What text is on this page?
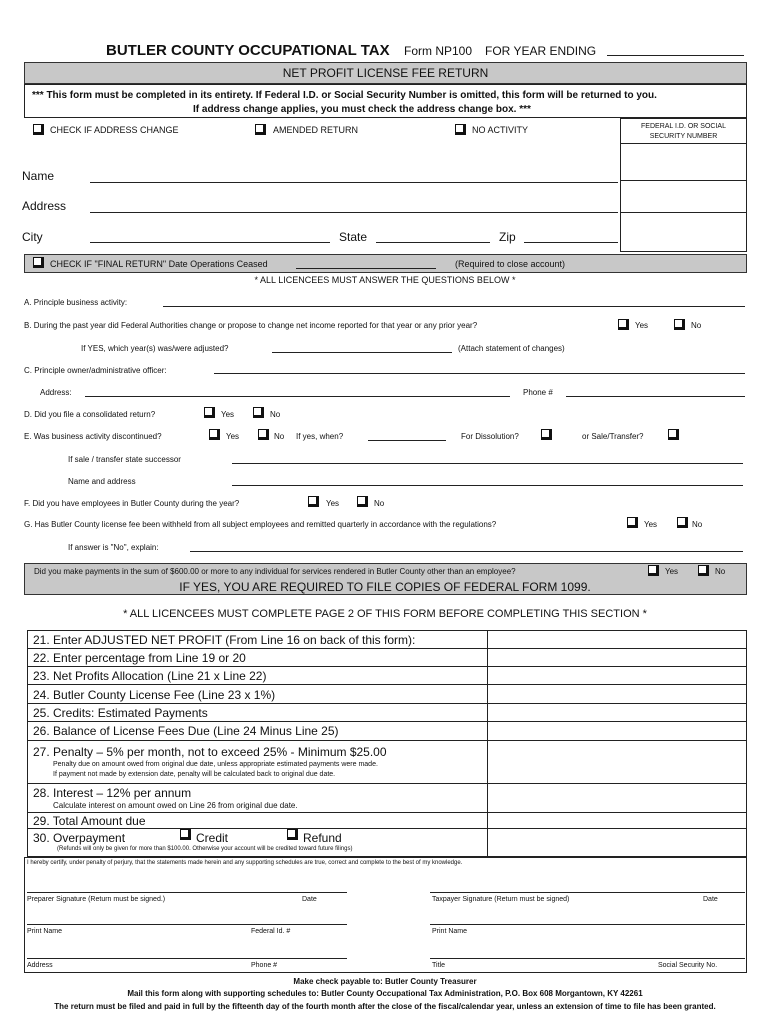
BUTLER COUNTY OCCUPATIONAL TAX Form NP100 FOR YEAR ENDING
NET PROFIT LICENSE FEE RETURN
*** This form must be completed in its entirety. If Federal I.D. or Social Security Number is omitted, this form will be returned to you.
If address change applies, you must check the address change box. ***
CHECK IF ADDRESS CHANGE	AMENDED RETURN	NO ACTIVITY	FEDERAL I.D. OR SOCIAL
SECURITY NUMBER
Name
Address
City	State	Zip
CHECK IF "FINAL RETURN" Date Operations Ceased	(Required to close account)
* ALL LICENCEES MUST ANSWER THE QUESTIONS BELOW *
A. Principle business activity:
B. During the past year did Federal Authorities change or propose to change net income reported for that year or any prior year?	Yes	No
If YES, which year(s) was/were adjusted?	(Attach statement of changes)
C. Principle owner/administrative officer:
Address:	Phone #
D. Did you file a consolidated return?	Yes	No
E. Was business activity discontinued?	Yes	No If yes, when?	For Dissolution?	or Sale/Transfer?
If sale / transfer state successor
Name and address
F. Did you have employees in Butler County during the year?	Yes	No
G. Has Butler County license fee been withheld from all subject employees and remitted quarterly in accordance with the regulations?	Yes	No
If answer is "No", explain:
Did you make payments in the sum of $600.00 or more to any individual for services rendered in Butler County other than an employee?	Yes	No
IF YES, YOU ARE REQUIRED TO FILE COPIES OF FEDERAL FORM 1099.
* ALL LICENCEES MUST COMPLETE PAGE 2 OF THIS FORM BEFORE COMPLETING THIS SECTION *
21. Enter ADJUSTED NET PROFIT (From Line 16 on back of this form):
22. Enter percentage from Line 19 or 20
23. Net Profits Allocation (Line 21 x Line 22)
24. Butler County License Fee (Line 23 x 1%)
25. Credits: Estimated Payments
26. Balance of License Fees Due (Line 24 Minus Line 25)
27. Penalty – 5% per month, not to exceed 25% - Minimum $25.00
Penalty due on amount owed from original due date, unless appropriate estimated payments were made.
If payment not made by extension date, penalty will be calculated back to original due date.
28. Interest – 12% per annum
Calculate interest on amount owed on Line 26 from original due date.
29. Total Amount due
30. Overpayment	Credit	Refund
(Refunds will only be given for more than $100.00. Otherwise your account will be credited toward future filings)
I hereby certify, under penalty of perjury, that the statements made herein and any supporting schedules are true, correct and complete to the best of my knowledge.
Preparer Signature (Return must be signed.)	Date	Taxpayer Signature (Return must be signed)	Date
Print Name	Federal Id. #	Print Name
Address	Phone #	Title	Social Security No.
Make check payable to: Butler County Treasurer
Mail this form along with supporting schedules to: Butler County Occupational Tax Administration, P.O. Box 608 Morgantown, KY 42261
The return must be filed and paid in full by the fifteenth day of the fourth month after the close of the fiscal/calendar year, unless an extension of time to file has been granted.
